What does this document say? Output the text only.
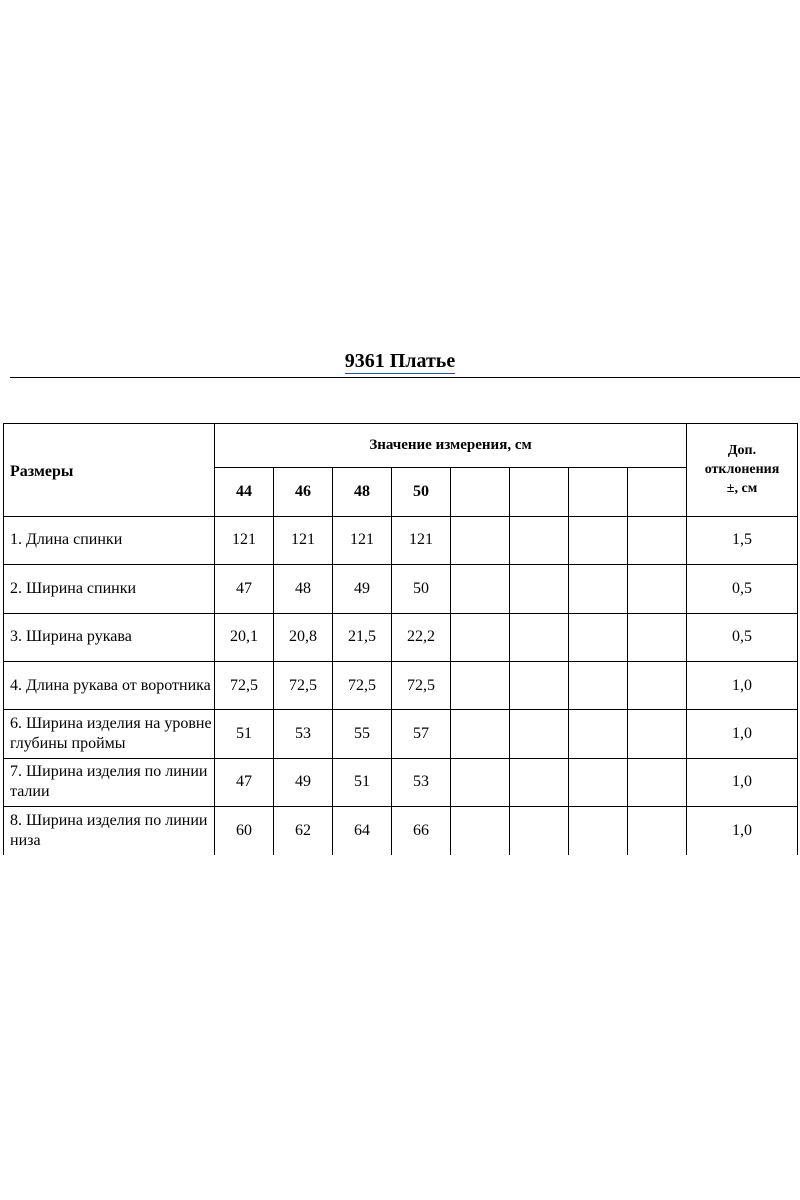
9361 Платье
Размеры	Значение измерения, см								Доп.
отклонения
±, см

	44	46	48	50					
1. Длина спинки	121	121	121	121					1,5
2. Ширина спинки	47	48	49	50					0,5
3. Ширина рукава	20,1	20,8	21,5	22,2					0,5
4. Длина рукава от воротника	72,5	72,5	72,5	72,5					1,0
6. Ширина изделия на уровне глубины проймы	51	53	55	57					1,0
7. Ширина изделия по линии талии	47	49	51	53					1,0
8. Ширина изделия по линии низа	60	62	64	66					1,0
